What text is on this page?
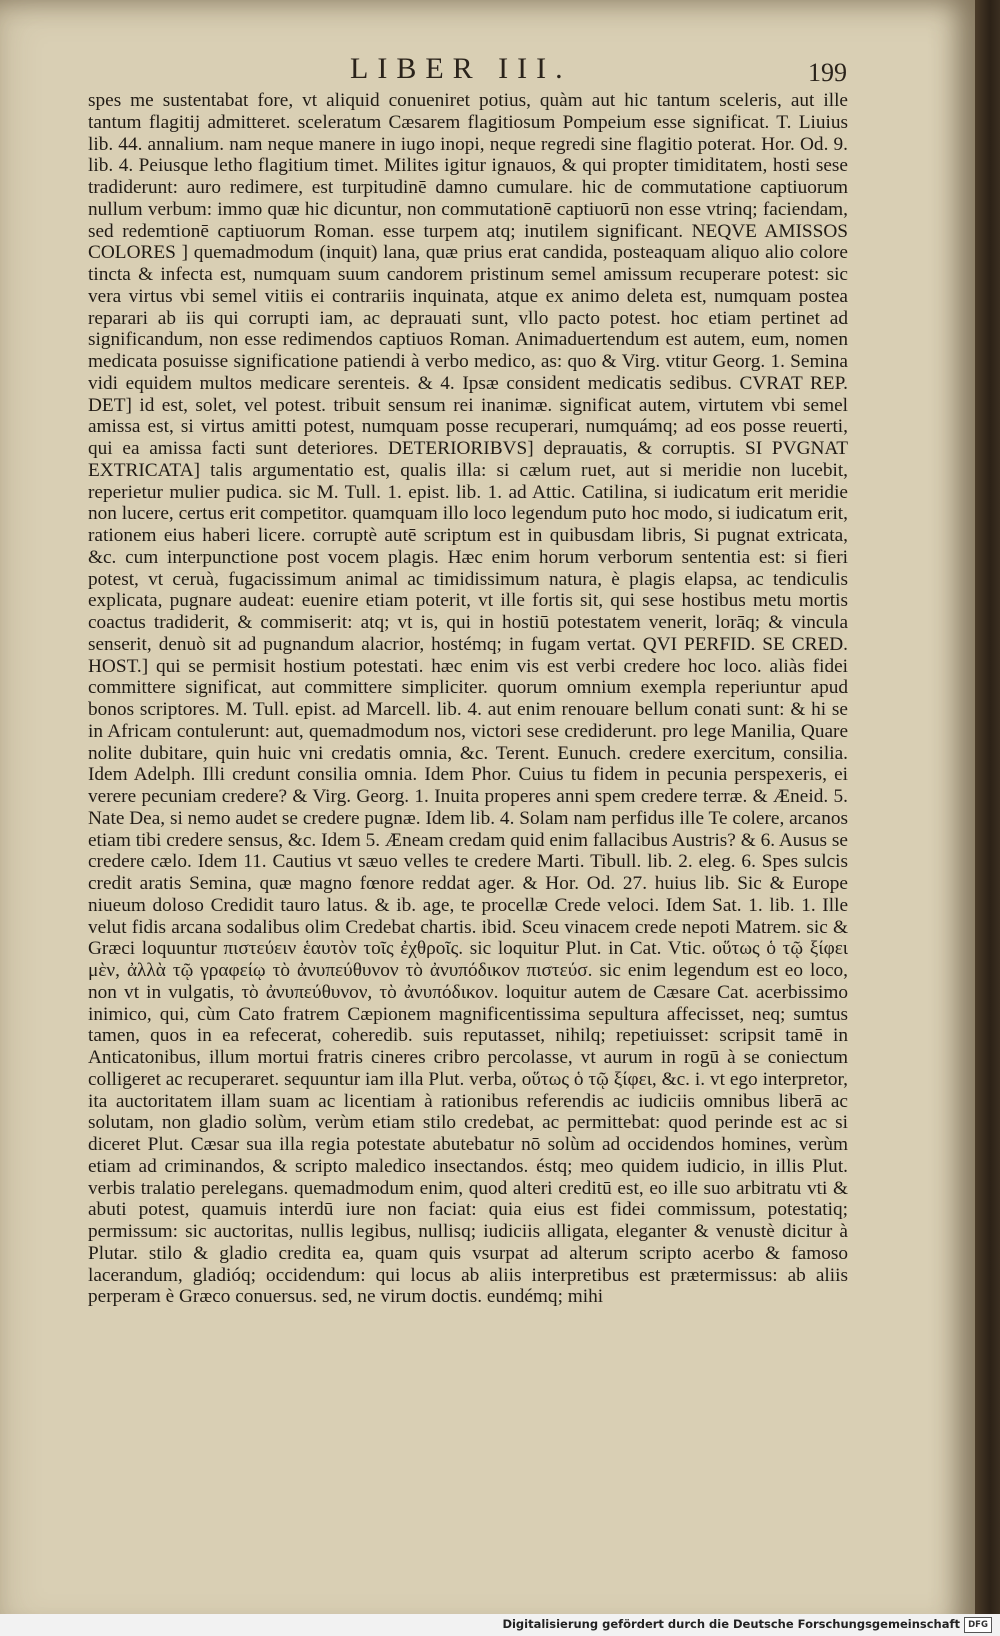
LIBER III.	199

spes me sustentabat fore, vt aliquid conueniret potius, quàm aut hic tantum sceleris, aut ille tantum flagitij admitteret. sceleratum Cæsarem flagitiosum Pompeium esse significat. T. Liuius lib. 44. annalium. nam neque manere in iugo inopi, neque regredi sine flagitio poterat. Hor. Od. 9. lib. 4. Peiusque letho flagitium timet. Milites igitur ignauos, & qui propter timiditatem, hosti sese tradiderunt: auro redimere, est turpitudinē damno cumulare. hic de commutatione captiuorum nullum verbum: immo quæ hic dicuntur, non commutationē captiuorū non esse vtrinq; faciendam, sed redemtionē captiuorum Roman. esse turpem atq; inutilem significant. NEQVE AMISSOS COLORES ] quemadmodum (inquit) lana, quæ prius erat candida, posteaquam aliquo alio colore tincta & infecta est, numquam suum candorem pristinum semel amissum recuperare potest: sic vera virtus vbi semel vitiis ei contrariis inquinata, atque ex animo deleta est, numquam postea reparari ab iis qui corrupti iam, ac deprauati sunt, vllo pacto potest. hoc etiam pertinet ad significandum, non esse redimendos captiuos Roman. Animaduertendum est autem, eum, nomen medicata posuisse significatione patiendi à verbo medico, as: quo & Virg. vtitur Georg. 1. Semina vidi equidem multos medicare serenteis. & 4. Ipsæ consident medicatis sedibus. CVRAT REP. DET] id est, solet, vel potest. tribuit sensum rei inanimæ. significat autem, virtutem vbi semel amissa est, si virtus amitti potest, numquam posse recuperari, numquámq; ad eos posse reuerti, qui ea amissa facti sunt deteriores. DETERIORIBVS] deprauatis, & corruptis. SI PVGNAT EXTRICATA] talis argumentatio est, qualis illa: si cælum ruet, aut si meridie non lucebit, reperietur mulier pudica. sic M. Tull. 1. epist. lib. 1. ad Attic. Catilina, si iudicatum erit meridie non lucere, certus erit competitor. quamquam illo loco legendum puto hoc modo, si iudicatum erit, rationem eius haberi licere. corruptè autē scriptum est in quibusdam libris, Si pugnat extricata, &c. cum interpunctione post vocem plagis. Hæc enim horum verborum sententia est: si fieri potest, vt ceruà, fugacissimum animal ac timidissimum natura, è plagis elapsa, ac tendiculis explicata, pugnare audeat: euenire etiam poterit, vt ille fortis sit, qui sese hostibus metu mortis coactus tradiderit, & commiserit: atq; vt is, qui in hostiū potestatem venerit, lorāq; & vincula senserit, denuò sit ad pugnandum alacrior, hostémq; in fugam vertat. QVI PERFID. SE CRED. HOST.] qui se permisit hostium potestati. hæc enim vis est verbi credere hoc loco. aliàs fidei committere significat, aut committere simpliciter. quorum omnium exempla reperiuntur apud bonos scriptores. M. Tull. epist. ad Marcell. lib. 4. aut enim renouare bellum conati sunt: & hi se in Africam contulerunt: aut, quemadmodum nos, victori sese crediderunt. pro lege Manilia, Quare nolite dubitare, quin huic vni credatis omnia, &c. Terent. Eunuch. credere exercitum, consilia. Idem Adelph. Illi credunt consilia omnia. Idem Phor. Cuius tu fidem in pecunia perspexeris, ei verere pecuniam credere? & Virg. Georg. 1. Inuita properes anni spem credere terræ. & Æneid. 5. Nate Dea, si nemo audet se credere pugnæ. Idem lib. 4. Solam nam perfidus ille Te colere, arcanos etiam tibi credere sensus, &c. Idem 5. Æneam credam quid enim fallacibus Austris? & 6. Ausus se credere cælo. Idem 11. Cautius vt sæuo velles te credere Marti. Tibull. lib. 2. eleg. 6. Spes sulcis credit aratis Semina, quæ magno fœnore reddat ager. & Hor. Od. 27. huius lib. Sic & Europe niueum doloso Credidit tauro latus. & ib. age, te procellæ Crede veloci. Idem Sat. 1. lib. 1. Ille velut fidis arcana sodalibus olim Credebat chartis. ibid. Sceu vinacem crede nepoti Matrem. sic & Græci loquuntur πιστεύειν ἑαυτὸν τοῖς ἐχθροῖς. sic loquitur Plut. in Cat. Vtic. οὕτως ὁ τῷ ξίφει μὲν, ἀλλὰ τῷ γραφείῳ τὸ ἀνυπεύθυνον τὸ ἀνυπόδικον πιστεύσ. sic enim legendum est eo loco, non vt in vulgatis, τὸ ἀνυπεύθυνον, τὸ ἀνυπόδικον. loquitur autem de Cæsare Cat. acerbissimo inimico, qui, cùm Cato fratrem Cæpionem magnificentissima sepultura affecisset, neq; sumtus tamen, quos in ea refecerat, coheredib. suis reputasset, nihilq; repetiuisset: scripsit tamē in Anticatonibus, illum mortui fratris cineres cribro percolasse, vt aurum in rogū à se coniectum colligeret ac recuperaret. sequuntur iam illa Plut. verba, οὕτως ὁ τῷ ξίφει, &c. i. vt ego interpretor, ita auctoritatem illam suam ac licentiam à rationibus referendis ac iudiciis omnibus liberā ac solutam, non gladio solùm, verùm etiam stilo credebat, ac permittebat: quod perinde est ac si diceret Plut. Cæsar sua illa regia potestate abutebatur nō solùm ad occidendos homines, verùm etiam ad criminandos, & scripto maledico insectandos. éstq; meo quidem iudicio, in illis Plut. verbis tralatio perelegans. quemadmodum enim, quod alteri creditū est, eo ille suo arbitratu vti & abuti potest, quamuis interdū iure non faciat: quia eius est fidei commissum, potestatiq; permissum: sic auctoritas, nullis legibus, nullisq; iudiciis alligata, eleganter & venustè dicitur à Plutar. stilo & gladio credita ea, quam quis vsurpat ad alterum scripto acerbo & famoso lacerandum, gladióq; occidendum: qui locus ab aliis interpretibus est prætermissus: ab aliis perperam è Græco conuersus. sed, ne virum doctis. eundémq; mihi

Digitalisierung gefördert durch die Deutsche Forschungsgemeinschaft DFG
